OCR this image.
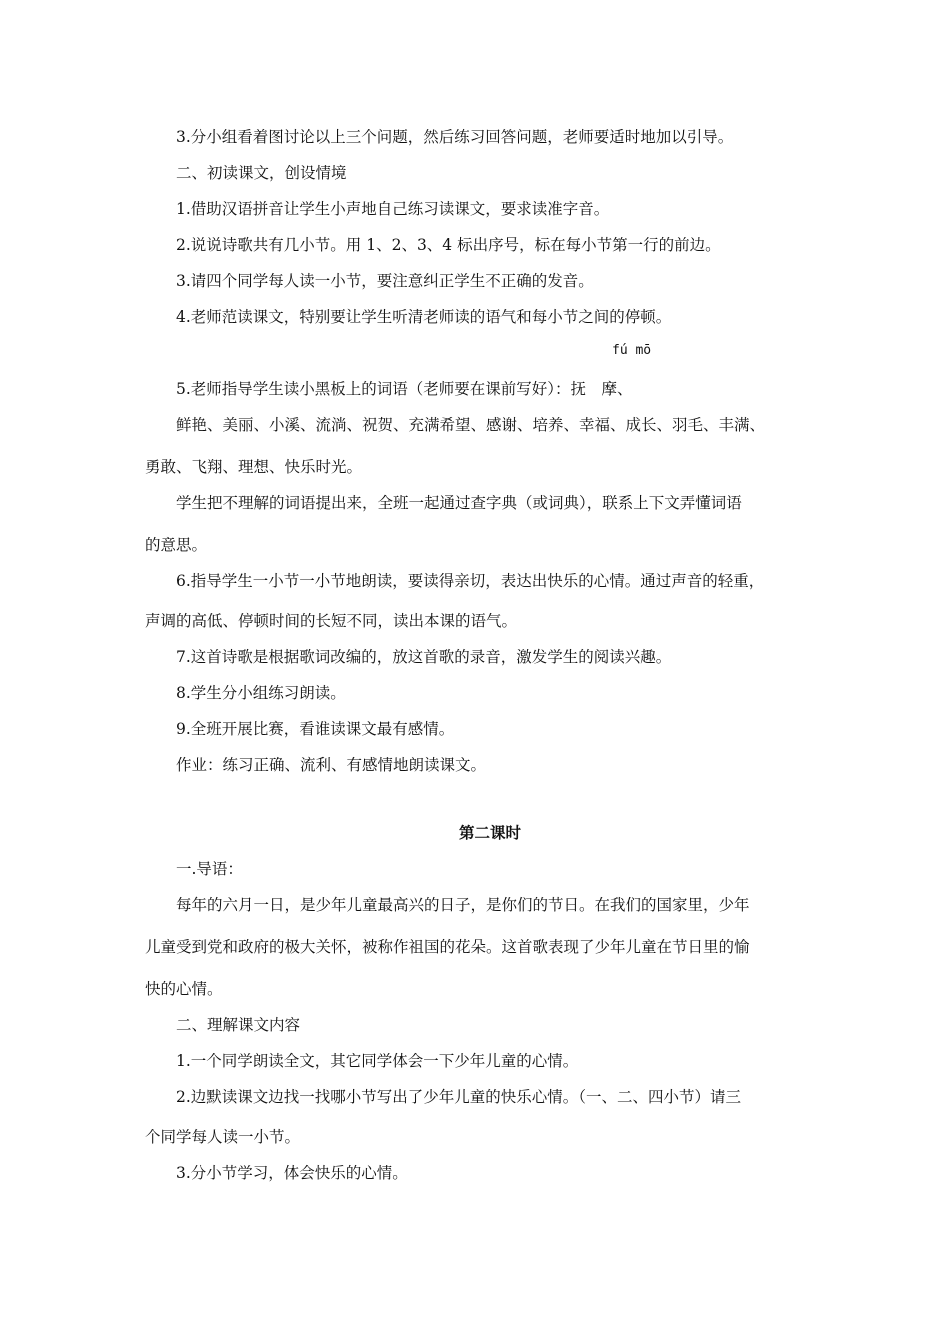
3.分小组看着图讨论以上三个问题，然后练习回答问题，老师要适时地加以引导。
二、初读课文，创设情境
1.借助汉语拼音让学生小声地自己练习读课文，要求读准字音。
2.说说诗歌共有几小节。用 1、2、3、4 标出序号，标在每小节第一行的前边。
3.请四个同学每人读一小节，要注意纠正学生不正确的发音。
4.老师范读课文，特别要让学生听清老师读的语气和每小节之间的停顿。
fú mō
5.老师指导学生读小黑板上的词语（老师要在课前写好）：抚　摩、
鲜艳、美丽、小溪、流淌、祝贺、充满希望、感谢、培养、幸福、成长、羽毛、丰满、
勇敢、飞翔、理想、快乐时光。
学生把不理解的词语提出来，全班一起通过查字典（或词典），联系上下文弄懂词语
的意思。
6.指导学生一小节一小节地朗读，要读得亲切，表达出快乐的心情。通过声音的轻重，
声调的高低、停顿时间的长短不同，读出本课的语气。
7.这首诗歌是根据歌词改编的，放这首歌的录音，激发学生的阅读兴趣。
8.学生分小组练习朗读。
9.全班开展比赛，看谁读课文最有感情。
作业：练习正确、流利、有感情地朗读课文。
第二课时
一.导语：
每年的六月一日，是少年儿童最高兴的日子，是你们的节日。在我们的国家里，少年
儿童受到党和政府的极大关怀，被称作祖国的花朵。这首歌表现了少年儿童在节日里的愉
快的心情。
二、理解课文内容
1.一个同学朗读全文，其它同学体会一下少年儿童的心情。
2.边默读课文边找一找哪小节写出了少年儿童的快乐心情。（一、二、四小节）请三
个同学每人读一小节。
3.分小节学习，体会快乐的心情。
